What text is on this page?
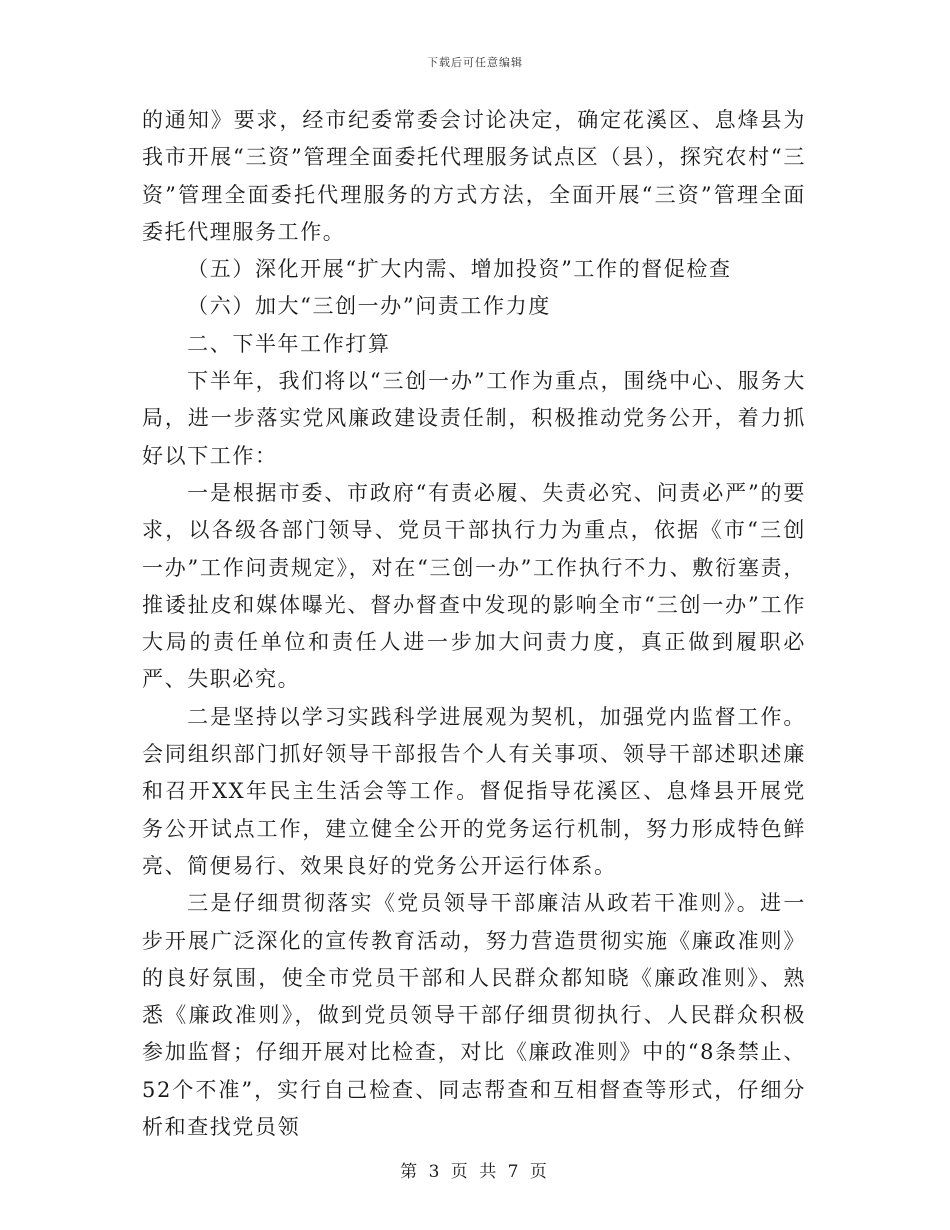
下载后可任意编辑

的通知》要求，经市纪委常委会讨论决定，确定花溪区、息烽县为我市开展“三资”管理全面委托代理服务试点区（县），探究农村“三资”管理全面委托代理服务的方式方法，全面开展“三资”管理全面委托代理服务工作。

（五）深化开展“扩大内需、增加投资”工作的督促检查

（六）加大“三创一办”问责工作力度

二、下半年工作打算

下半年，我们将以“三创一办”工作为重点，围绕中心、服务大局，进一步落实党风廉政建设责任制，积极推动党务公开，着力抓好以下工作：

一是根据市委、市政府“有责必履、失责必究、问责必严”的要求，以各级各部门领导、党员干部执行力为重点，依据《市“三创一办”工作问责规定》，对在“三创一办”工作执行不力、敷衍塞责，推诿扯皮和媒体曝光、督办督查中发现的影响全市“三创一办”工作大局的责任单位和责任人进一步加大问责力度，真正做到履职必严、失职必究。

二是坚持以学习实践科学进展观为契机，加强党内监督工作。会同组织部门抓好领导干部报告个人有关事项、领导干部述职述廉和召开XX年民主生活会等工作。督促指导花溪区、息烽县开展党务公开试点工作，建立健全公开的党务运行机制，努力形成特色鲜亮、简便易行、效果良好的党务公开运行体系。

三是仔细贯彻落实《党员领导干部廉洁从政若干准则》。进一步开展广泛深化的宣传教育活动，努力营造贯彻实施《廉政准则》的良好氛围，使全市党员干部和人民群众都知晓《廉政准则》、熟悉《廉政准则》，做到党员领导干部仔细贯彻执行、人民群众积极参加监督；仔细开展对比检查，对比《廉政准则》中的“8条禁止、52个不准”，实行自己检查、同志帮查和互相督查等形式，仔细分析和查找党员领

第 3 页 共 7 页
